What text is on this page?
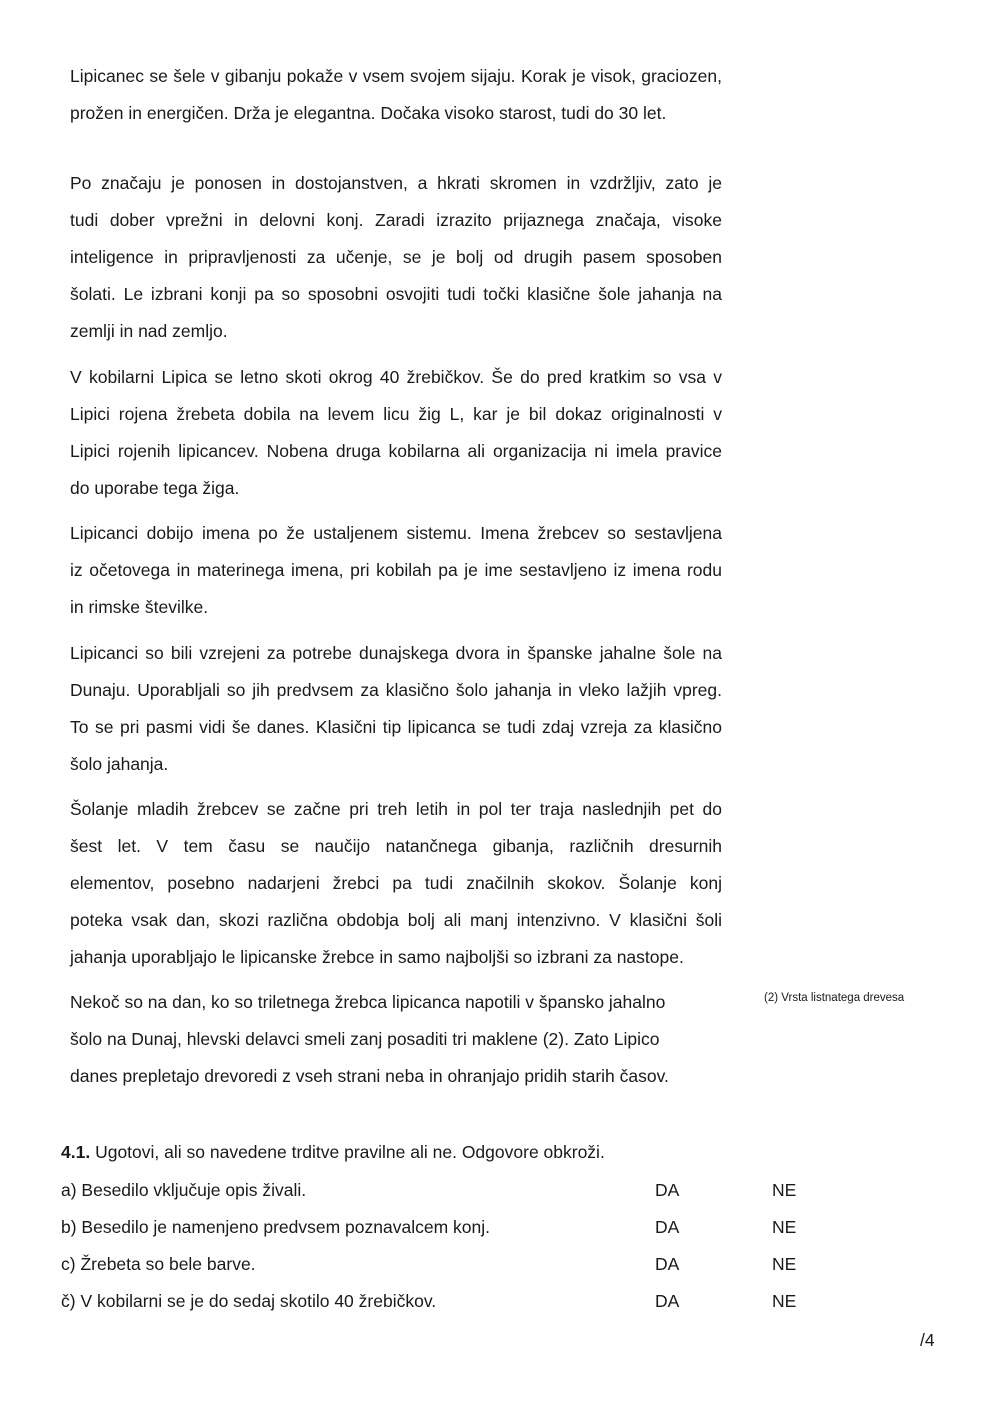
Lipicanec se šele v gibanju pokaže v vsem svojem sijaju. Korak je visok, graciozen,
prožen in energičen. Drža je elegantna. Dočaka visoko starost, tudi do 30 let.
Po značaju je ponosen in dostojanstven, a hkrati skromen in vzdržljiv, zato je
tudi dober vprežni in delovni konj. Zaradi izrazito prijaznega značaja, visoke
inteligence in pripravljenosti za učenje, se je bolj od drugih pasem sposoben
šolati. Le izbrani konji pa so sposobni osvojiti tudi točki klasične šole jahanja na
zemlji in nad zemljo.
V kobilarni Lipica se letno skoti okrog 40 žrebičkov. Še do pred kratkim so vsa v
Lipici rojena žrebeta dobila na levem licu žig L, kar je bil dokaz originalnosti v
Lipici rojenih lipicancev. Nobena druga kobilarna ali organizacija ni imela pravice
do uporabe tega žiga.
Lipicanci dobijo imena po že ustaljenem sistemu. Imena žrebcev so sestavljena
iz očetovega in materinega imena, pri kobilah pa je ime sestavljeno iz imena rodu
in rimske številke.
Lipicanci so bili vzrejeni za potrebe dunajskega dvora in španske jahalne šole na
Dunaju. Uporabljali so jih predvsem za klasično šolo jahanja in vleko lažjih vpreg.
To se pri pasmi vidi še danes. Klasični tip lipicanca se tudi zdaj vzreja za klasično
šolo jahanja.
Šolanje mladih žrebcev se začne pri treh letih in pol ter traja naslednjih pet do
šest let. V tem času se naučijo natančnega gibanja, različnih dresurnih
elementov, posebno nadarjeni žrebci pa tudi značilnih skokov. Šolanje konj
poteka vsak dan, skozi različna obdobja bolj ali manj intenzivno. V klasični šoli
jahanja uporabljajo le lipicanske žrebce in samo najboljši so izbrani za nastope.
Nekoč so na dan, ko so triletnega žrebca lipicanca napotili v špansko jahalno
šolo na Dunaj, hlevski delavci smeli zanj posaditi tri maklene (2). Zato Lipico
danes prepletajo drevoredi z vseh strani neba in ohranjajo pridih starih časov.
(2) Vrsta listnatega drevesa
4.1. Ugotovi, ali so navedene trditve pravilne ali ne. Odgovore obkroži.
a) Besedilo vključuje opis živali.	DA	NE
b) Besedilo je namenjeno predvsem poznavalcem konj.	DA	NE
c) Žrebeta so bele barve.	DA	NE
č) V kobilarni se je do sedaj skotilo 40 žrebičkov.	DA	NE
/4
